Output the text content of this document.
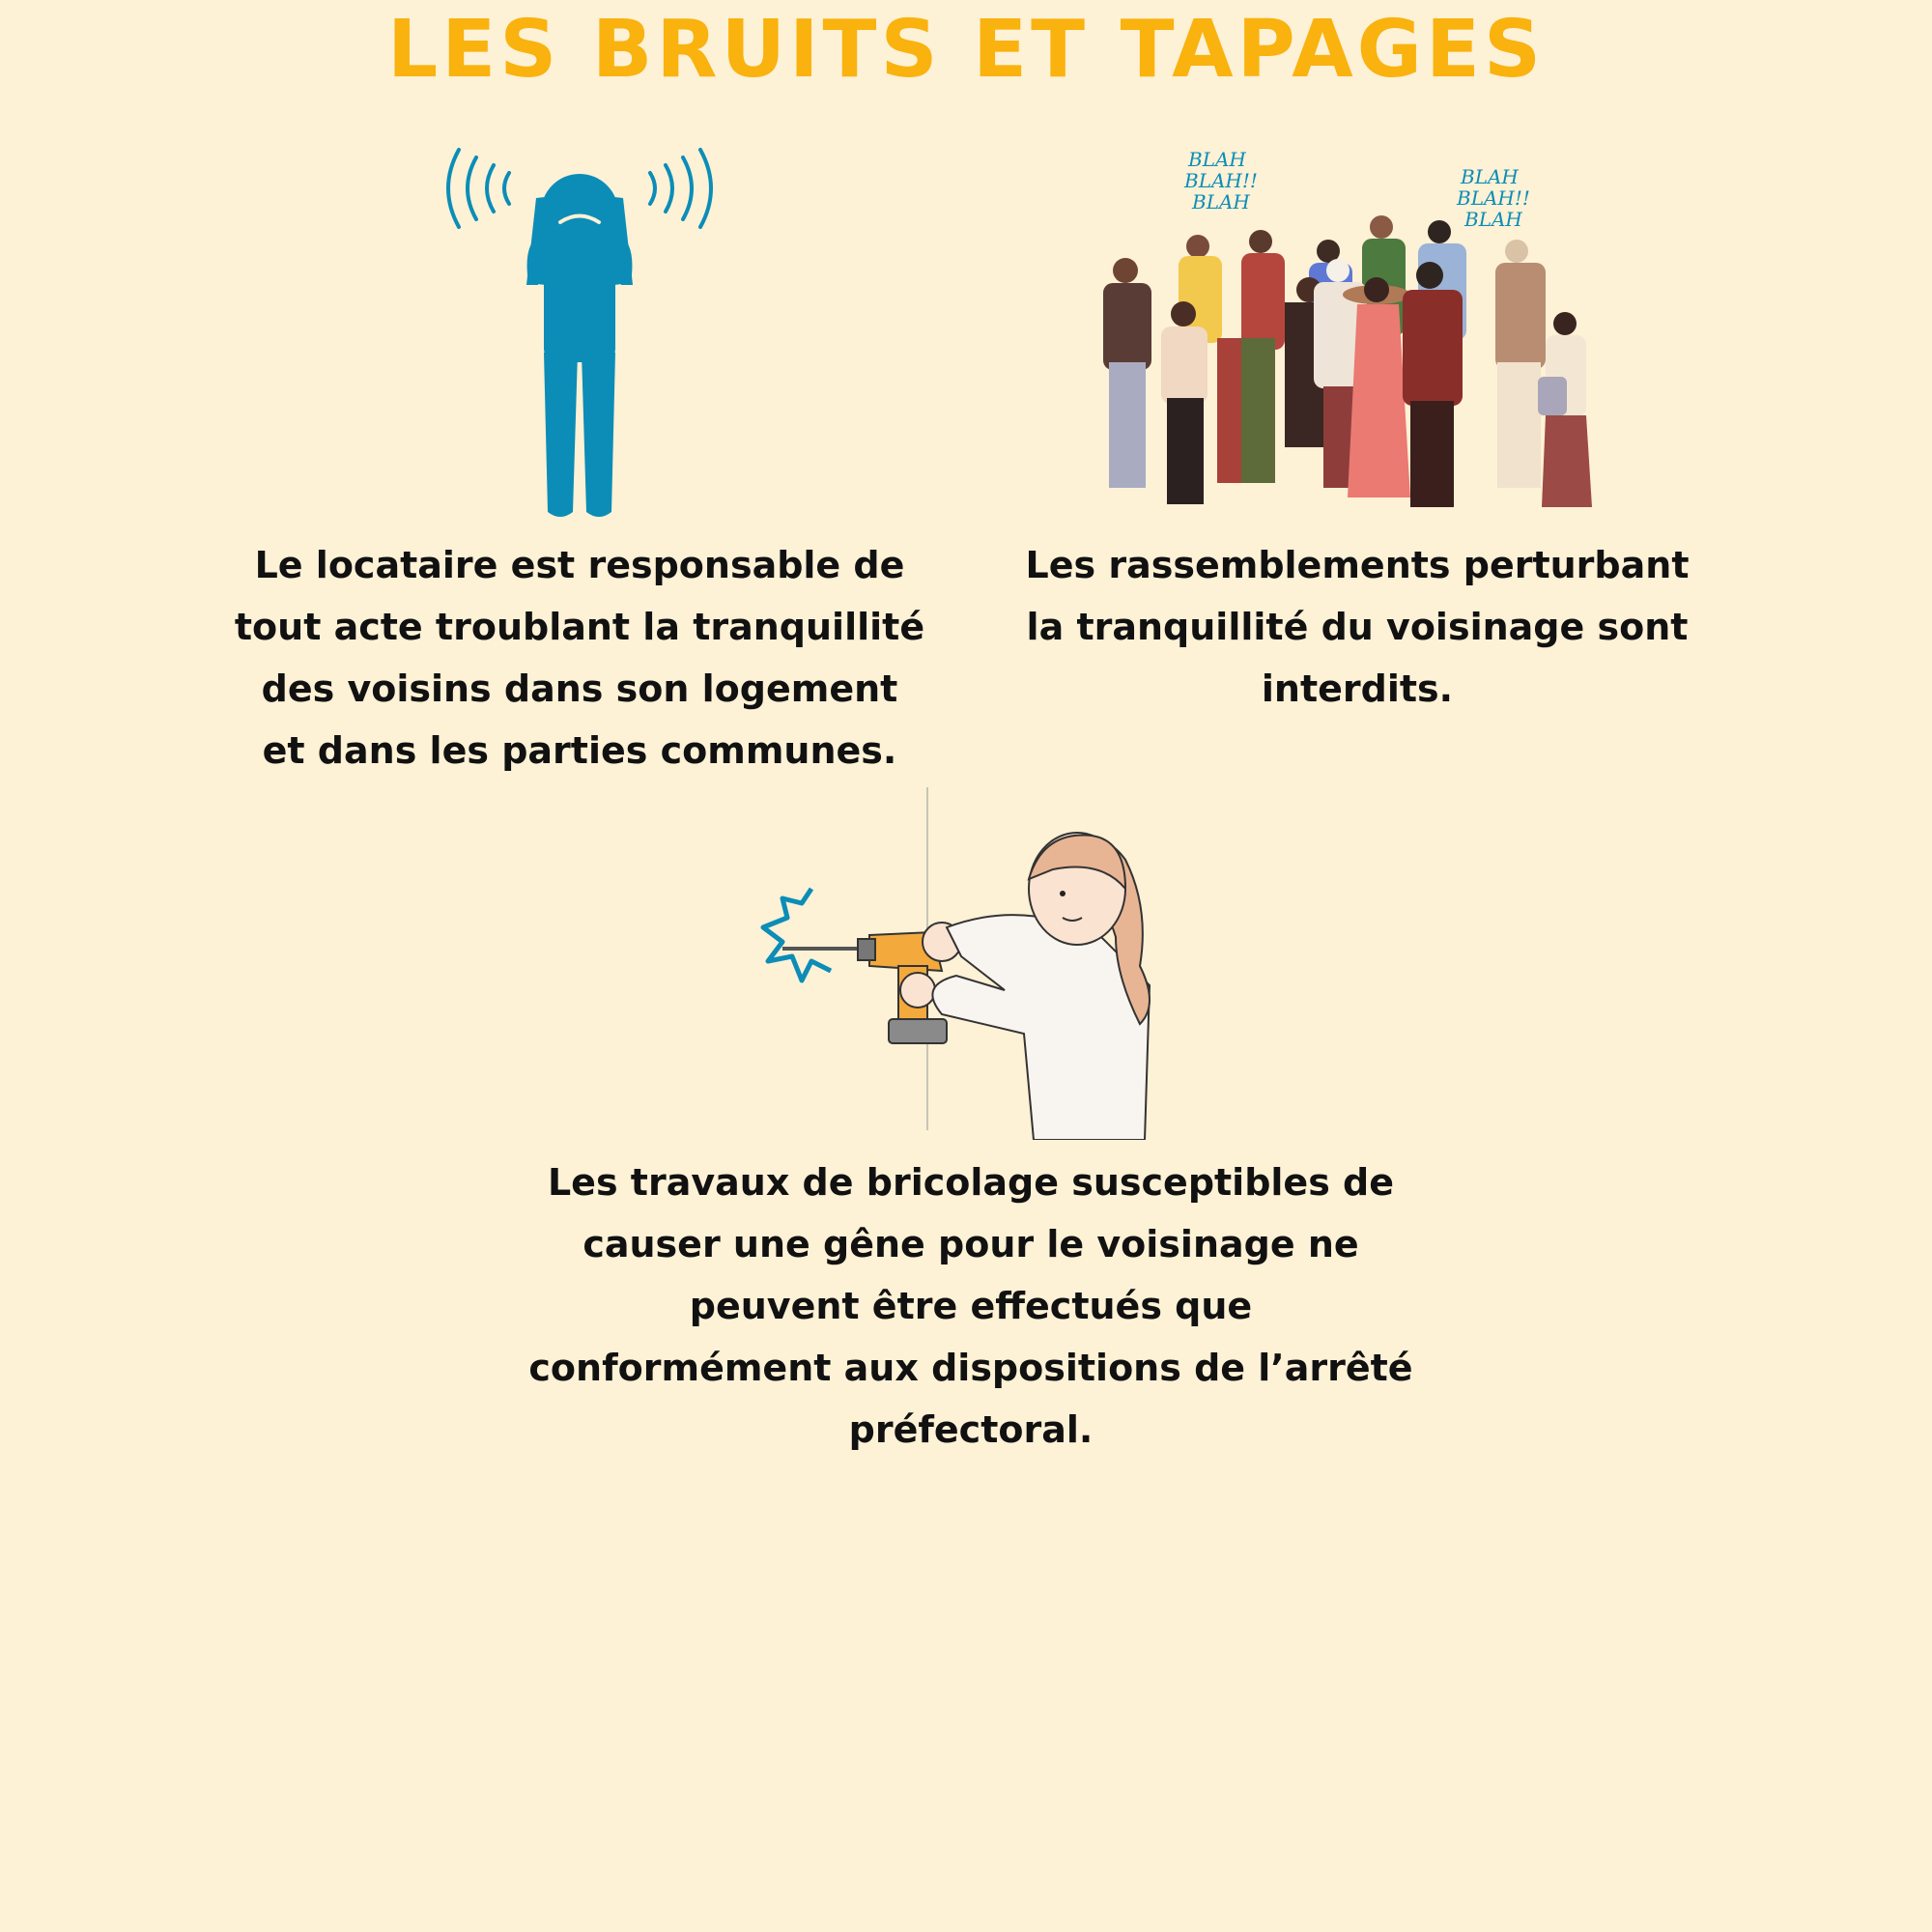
LES BRUITS ET TAPAGES
BLAH
BLAH!!
BLAH
BLAH
BLAH!!
BLAH
Le locataire est responsable de
tout acte troublant la tranquillité
des voisins dans son logement
et dans les parties communes.
Les rassemblements perturbant
la tranquillité du voisinage sont
interdits.
Les travaux de bricolage susceptibles de
causer une gêne pour le voisinage ne
peuvent être effectués que
conformément aux dispositions de l’arrêté
préfectoral.
